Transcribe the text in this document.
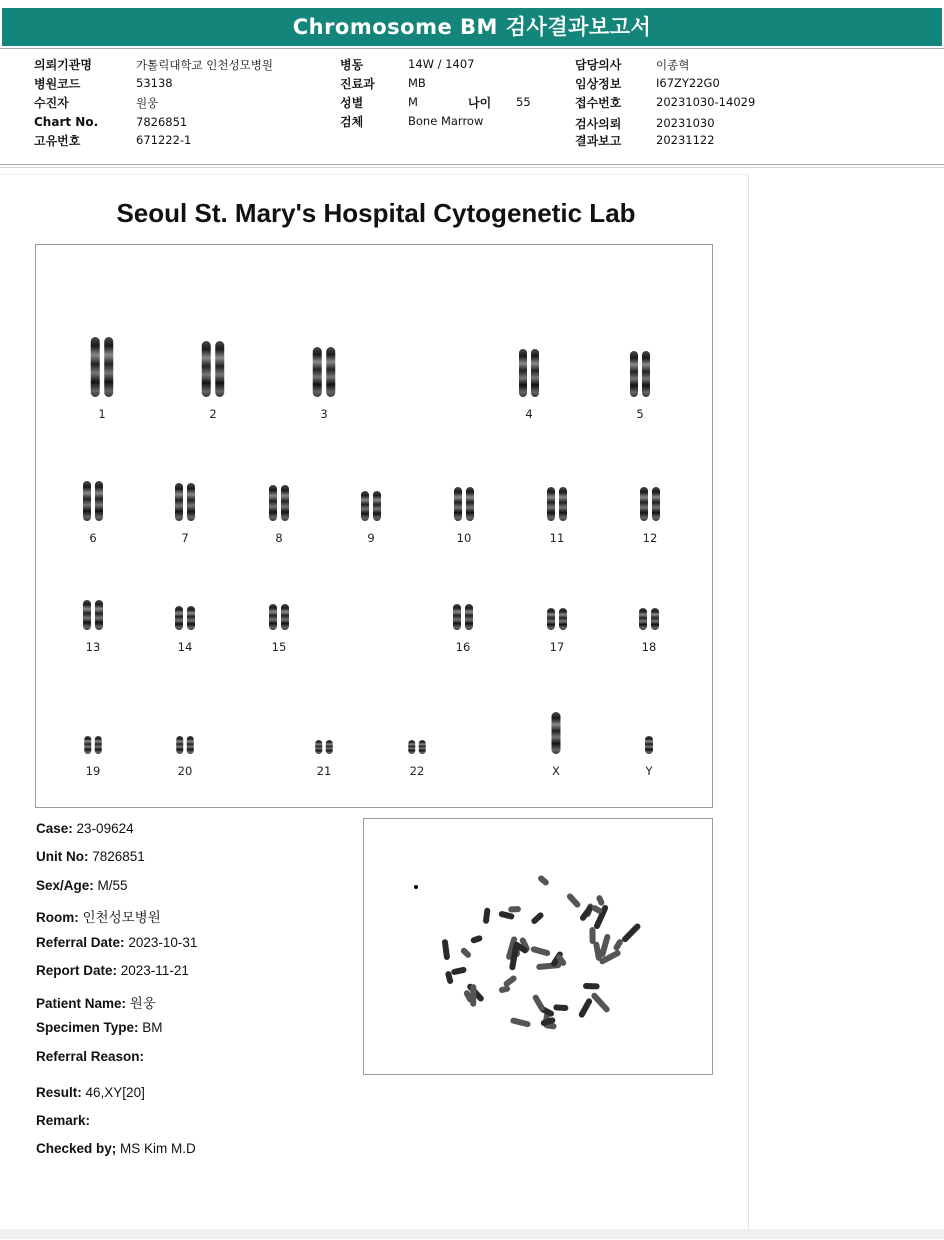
Chromosome BM 검사결과보고서
의뢰기관명	가톨릭대학교 인천성모병원
병원코드	53138
수진자	원웅
Chart No.	7826851
고유번호	671222-1
병동	14W / 1407
진료과	MB
성별	M	나이 55
검체	Bone Marrow
담당의사	이종혁
임상정보	I67ZY22G0
접수번호	20231030-14029
검사의뢰	20231030
결과보고	20231122
Seoul St. Mary's Hospital Cytogenetic Lab
1	2	3	4	5
6	7	8	9	10	11	12
13	14	15	16	17	18
19	20	21	22	X	Y
Case: 23-09624
Unit No: 7826851
Sex/Age: M/55
Room: 인천성모병원
Referral Date: 2023-10-31
Report Date: 2023-11-21
Patient Name: 원웅
Specimen Type: BM
Referral Reason:
Result: 46,XY[20]
Remark:
Checked by; MS Kim M.D
